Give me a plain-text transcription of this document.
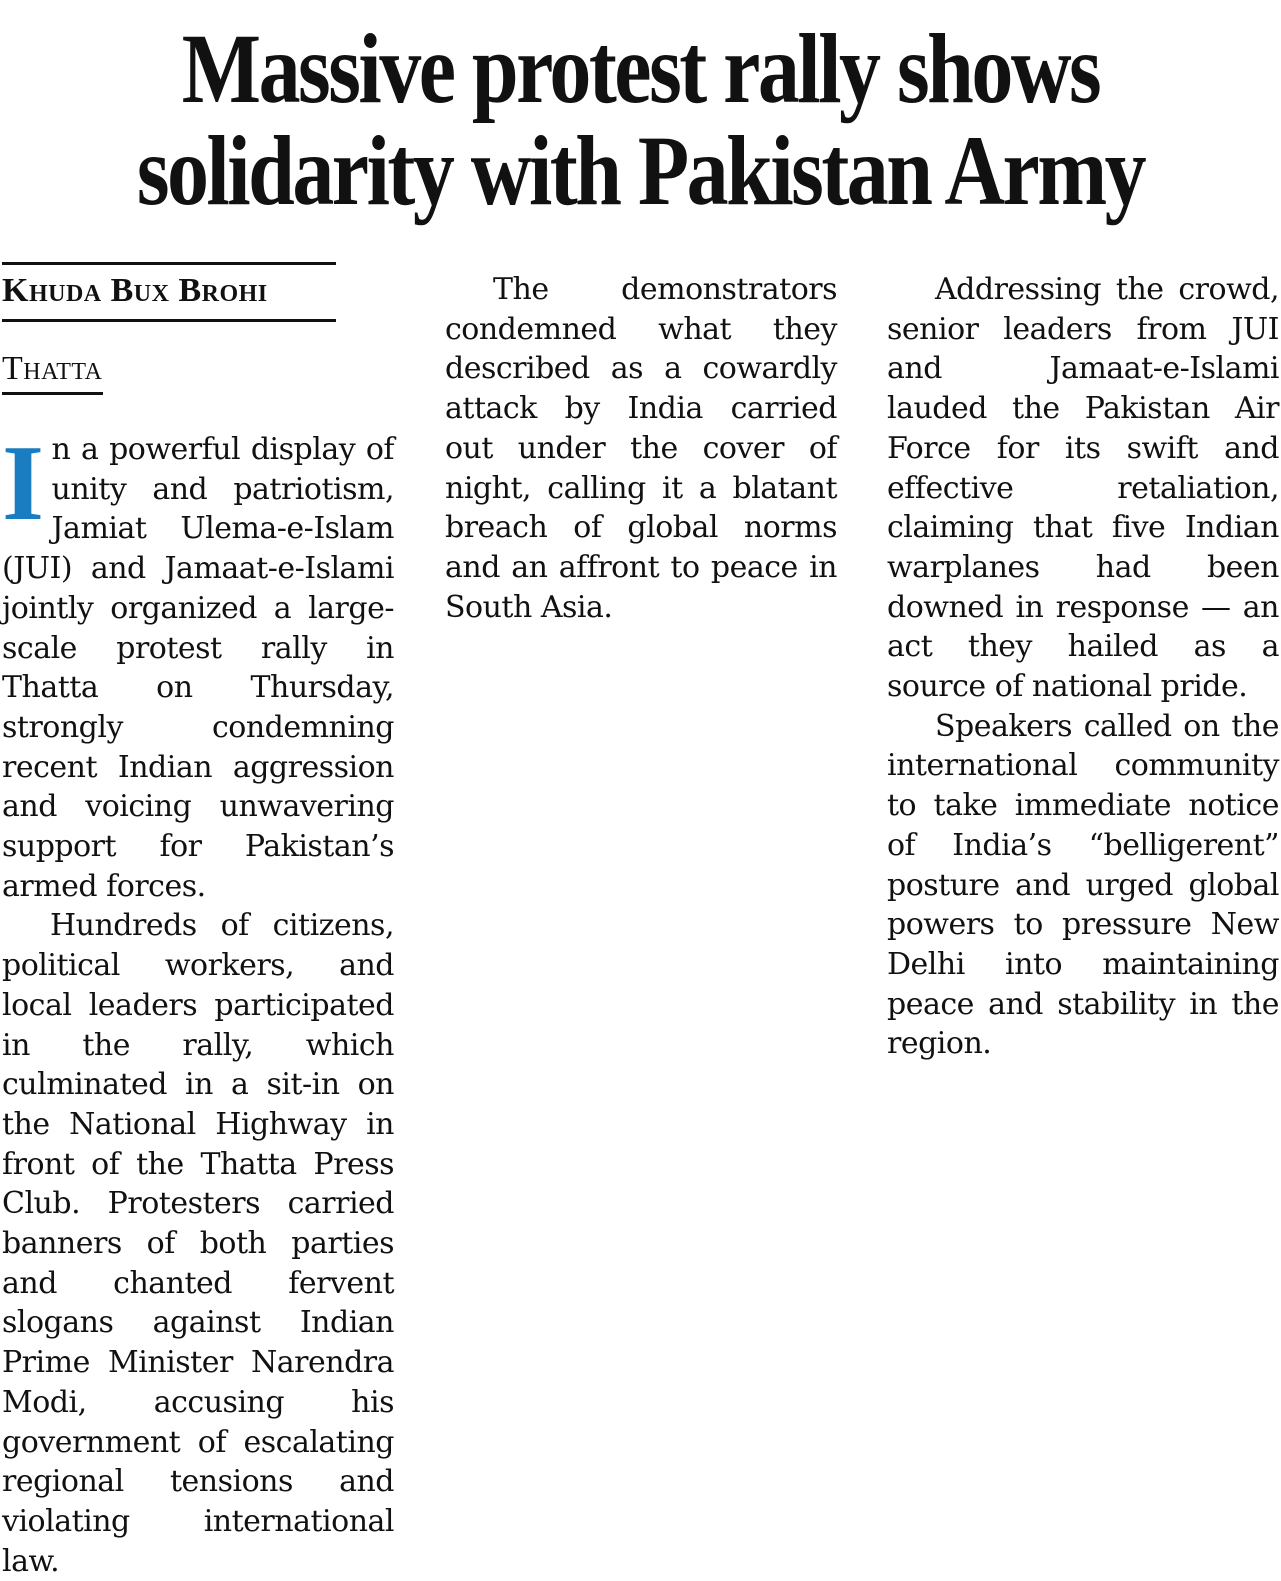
Massive protest rally shows
solidarity with Pakistan Army
Khuda Bux Brohi
Thatta
I n a powerful display of unity and patriotism, Jamiat Ulema-e-Islam (JUI) and Jamaat-e-Islami jointly organized a large-scale protest rally in Thatta on Thursday, strongly condemning recent Indian aggression and voicing unwavering support for Pakistan’s armed forces.

Hundreds of citizens, political workers, and local leaders participated in the rally, which culminated in a sit-in on the National Highway in front of the Thatta Press Club. Protesters carried banners of both parties and chanted fervent slogans against Indian Prime Minister Narendra Modi, accusing his government of escalating regional tensions and violating international law.

The demonstrators condemned what they described as a cowardly attack by India carried out under the cover of night, calling it a blatant breach of global norms and an affront to peace in South Asia.

Addressing the crowd, senior leaders from JUI and Jamaat-e-Islami lauded the Pakistan Air Force for its swift and effective retaliation, claiming that five Indian warplanes had been downed in response — an act they hailed as a source of national pride.

Speakers called on the international community to take immediate notice of India’s “belligerent” posture and urged global powers to pressure New Delhi into maintaining peace and stability in the region.
